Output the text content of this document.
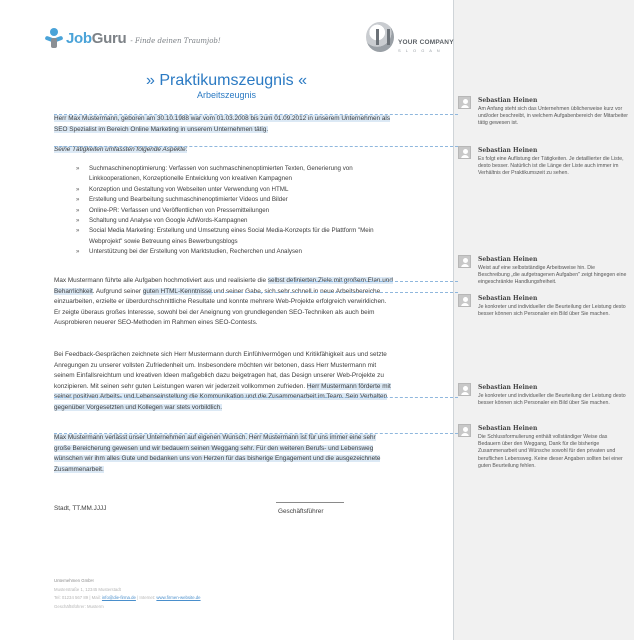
JobGuru - Finde deinen Traumjob!	YOUR COMPANY
S L O G A N
» Praktikumszeugnis «
Arbeitszeugnis
Herr Max Mustermann, geboren am 30.10.1988 war vom 01.03.2008 bis zum 01.09.2012 in unserem Unternehmen als SEO Spezialist im Bereich Online Marketing in unserem Unternehmen tätig.
Seine Tätigkeiten umfassten folgende Aspekte:
» Suchmaschinenoptimierung: Verfassen von suchmaschinenoptimierten Texten, Generierung von Linkkooperationen, Konzeptionelle Entwicklung von kreativen Kampagnen
» Konzeption und Gestaltung von Webseiten unter Verwendung von HTML
» Erstellung und Bearbeitung suchmaschinenoptimierter Videos und Bilder
» Online-PR: Verfassen und Veröffentlichen von Pressemitteilungen
» Schaltung und Analyse von Google AdWords-Kampagnen
» Social Media Marketing: Erstellung und Umsetzung eines Social Media-Konzepts für die Plattform "Mein Webprojekt" sowie Betreuung eines Bewerbungsblogs
» Unterstützung bei der Erstellung von Marktstudien, Recherchen und Analysen
Max Mustermann führte alle Aufgaben hochmotiviert aus und realisierte die selbst definierten Ziele mit großem Elan und Beharrlichkeit. Aufgrund seiner guten HTML-Kenntnisse und seiner Gabe, sich sehr schnell in neue Arbeitsbereiche einzuarbeiten, erzielte er überdurchschnittliche Resultate und konnte mehrere Web-Projekte erfolgreich verwirklichen. Er zeigte überaus großes Interesse, sowohl bei der Aneignung von grundlegenden SEO-Techniken als auch beim Ausprobieren neuerer SEO-Methoden im Rahmen eines SEO-Contests.
Bei Feedback-Gesprächen zeichnete sich Herr Mustermann durch Einfühlvermögen und Kritikfähigkeit aus und setzte Anregungen zu unserer vollsten Zufriedenheit um. Insbesondere möchten wir betonen, dass Herr Mustermann mit seinem Einfallsreichtum und kreativen Ideen maßgeblich dazu beigetragen hat, das Design unserer Web-Projekte zu konzipieren. Mit seinen sehr guten Leistungen waren wir jederzeit vollkommen zufrieden. Herr Mustermann förderte mit seiner positiven Arbeits- und Lebenseinstellung die Kommunikation und die Zusammenarbeit im Team. Sein Verhalten gegenüber Vorgesetzten und Kollegen war stets vorbildlich.
Max Mustermann verlässt unser Unternehmen auf eigenen Wunsch. Herr Mustermann ist für uns immer eine sehr große Bereicherung gewesen und wir bedauern seinen Weggang sehr. Für den weiteren Berufs- und Lebensweg wünschen wir ihm alles Gute und bedanken uns von Herzen für das bisherige Engagement und die ausgezeichnete Zusammenarbeit.
Stadt, TT.MM.JJJJ	Geschäftsführer
Unternehmen GmbH
Musterstraße 1, 12345 Musterstadt
Tel: 01234 567 89 | Mail: info@die-firma.de | Internet: www.firmen-website.de
Geschäftsführer: Musterm
Sebastian Heinen
Am Anfang steht sich das Unternehmen üblicherweise kurz vor und/oder beschreibt, in welchem Aufgabenbereich der Mitarbeiter tätig gewesen ist.
Sebastian Heinen
Es folgt eine Auflistung der Tätigkeiten. Je detaillierter die Liste, desto besser. Natürlich ist die Länge der Liste auch immer im Verhältnis der Praktikumszeit zu sehen.
Sebastian Heinen
Weist auf eine selbstständige Arbeitsweise hin. Die Beschreibung „die aufgetragenen Aufgaben" zeigt hingegen eine eingeschränkte Handlungsfreiheit.
Sebastian Heinen
Je konkreter und individueller die Beurteilung der Leistung desto besser können sich Personaler ein Bild über Sie machen.
Sebastian Heinen
Je konkreter und individueller die Beurteilung der Leistung desto besser können sich Personaler ein Bild über Sie machen.
Sebastian Heinen
Die Schlussformulierung enthält vollständiger Weise das Bedauern über den Weggang, Dank für die bisherige Zusammenarbeit und Wünsche sowohl für den privaten und beruflichen Lebensweg. Keine dieser Angaben sollten bei einer guten Beurteilung fehlen.
